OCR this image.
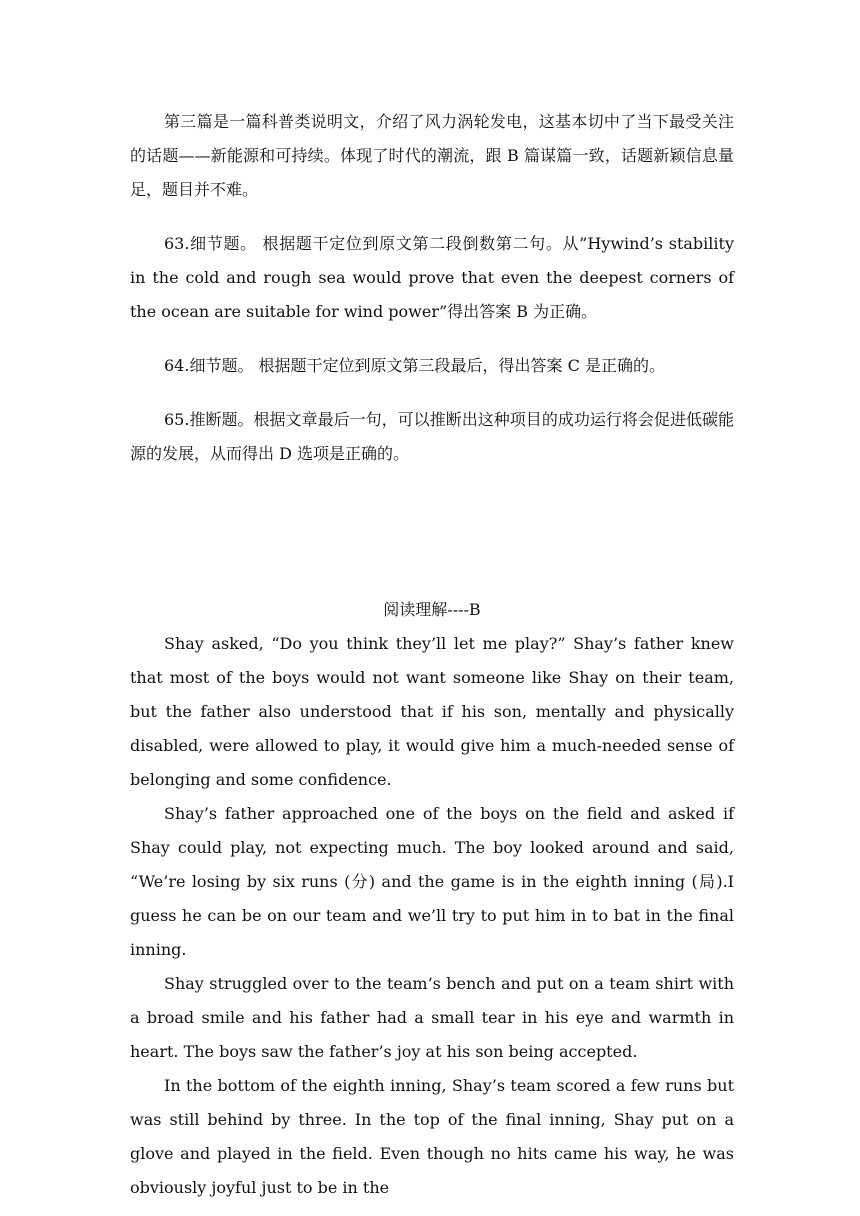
第三篇是一篇科普类说明文，介绍了风力涡轮发电，这基本切中了当下最受关注的话题——新能源和可持续。体现了时代的潮流，跟 B 篇谋篇一致，话题新颖信息量足，题目并不难。
63.细节题。 根据题干定位到原文第二段倒数第二句。从”Hywind’s stability in the cold and rough sea would prove that even the deepest corners of the ocean are suitable for wind power”得出答案 B 为正确。
64.细节题。 根据题干定位到原文第三段最后，得出答案 C 是正确的。
65.推断题。根据文章最后一句，可以推断出这种项目的成功运行将会促进低碳能源的发展，从而得出 D 选项是正确的。
阅读理解----B

Shay asked, “Do you think they’ll let me play?” Shay’s father knew that most of the boys would not want someone like Shay on their team, but the father also understood that if his son, mentally and physically disabled, were allowed to play, it would give him a much-needed sense of belonging and some confidence.

Shay’s father approached one of the boys on the field and asked if Shay could play, not expecting much. The boy looked around and said, “We’re losing by six runs (分) and the game is in the eighth inning (局).I guess he can be on our team and we’ll try to put him in to bat in the final inning.

Shay struggled over to the team’s bench and put on a team shirt with a broad smile and his father had a small tear in his eye and warmth in heart. The boys saw the father’s joy at his son being accepted.

In the bottom of the eighth inning, Shay’s team scored a few runs but was still behind by three. In the top of the final inning, Shay put on a glove and played in the field. Even though no hits came his way, he was obviously joyful just to be in the
